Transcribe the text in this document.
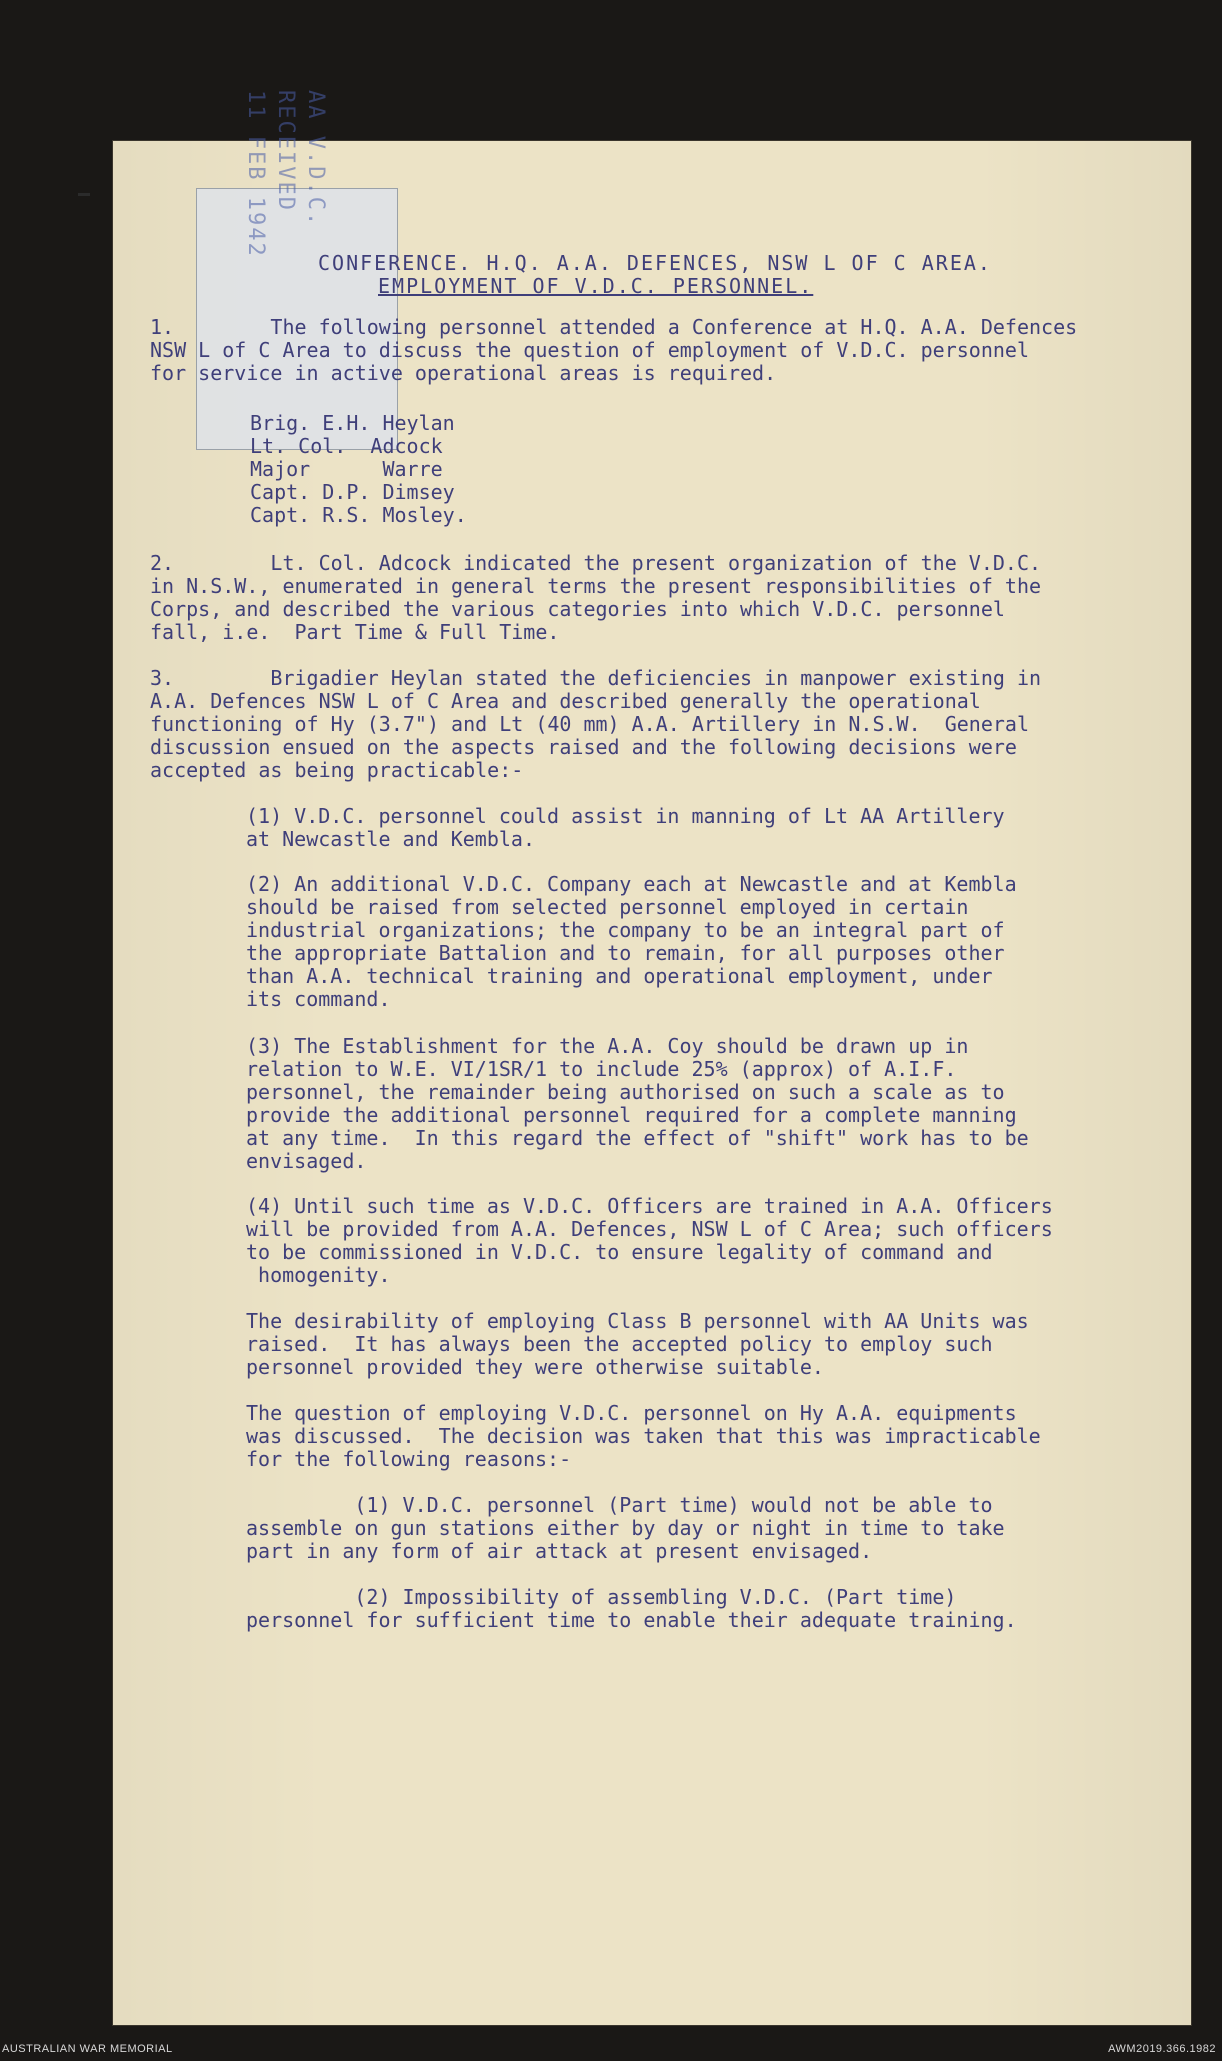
AA V.D.C.
RECEIVED
11 FEB 1942
CONFERENCE. H.Q. A.A. DEFENCES, NSW L OF C AREA.
EMPLOYMENT OF V.D.C. PERSONNEL.
1.        The following personnel attended a Conference at H.Q. A.A. Defences
NSW L of C Area to discuss the question of employment of V.D.C. personnel
for service in active operational areas is required.
Brig. E.H. Heylan
Lt. Col.  Adcock
Major      Warre
Capt. D.P. Dimsey
Capt. R.S. Mosley.
2.        Lt. Col. Adcock indicated the present organization of the V.D.C.
in N.S.W., enumerated in general terms the present responsibilities of the
Corps, and described the various categories into which V.D.C. personnel
fall, i.e.  Part Time & Full Time.
3.        Brigadier Heylan stated the deficiencies in manpower existing in
A.A. Defences NSW L of C Area and described generally the operational
functioning of Hy (3.7") and Lt (40 mm) A.A. Artillery in N.S.W.  General
discussion ensued on the aspects raised and the following decisions were
accepted as being practicable:-
(1) V.D.C. personnel could assist in manning of Lt AA Artillery
at Newcastle and Kembla.
(2) An additional V.D.C. Company each at Newcastle and at Kembla
should be raised from selected personnel employed in certain
industrial organizations; the company to be an integral part of
the appropriate Battalion and to remain, for all purposes other
than A.A. technical training and operational employment, under
its command.
(3) The Establishment for the A.A. Coy should be drawn up in
relation to W.E. VI/1SR/1 to include 25% (approx) of A.I.F.
personnel, the remainder being authorised on such a scale as to
provide the additional personnel required for a complete manning
at any time.  In this regard the effect of "shift" work has to be
envisaged.
(4) Until such time as V.D.C. Officers are trained in A.A. Officers
will be provided from A.A. Defences, NSW L of C Area; such officers
to be commissioned in V.D.C. to ensure legality of command and
homogenity.
The desirability of employing Class B personnel with AA Units was
raised.  It has always been the accepted policy to employ such
personnel provided they were otherwise suitable.
The question of employing V.D.C. personnel on Hy A.A. equipments
was discussed.  The decision was taken that this was impracticable
for the following reasons:-
(1) V.D.C. personnel (Part time) would not be able to
assemble on gun stations either by day or night in time to take
part in any form of air attack at present envisaged.
(2) Impossibility of assembling V.D.C. (Part time)
personnel for sufficient time to enable their adequate training.
AUSTRALIAN WAR MEMORIAL	AWM2019.366.1982
